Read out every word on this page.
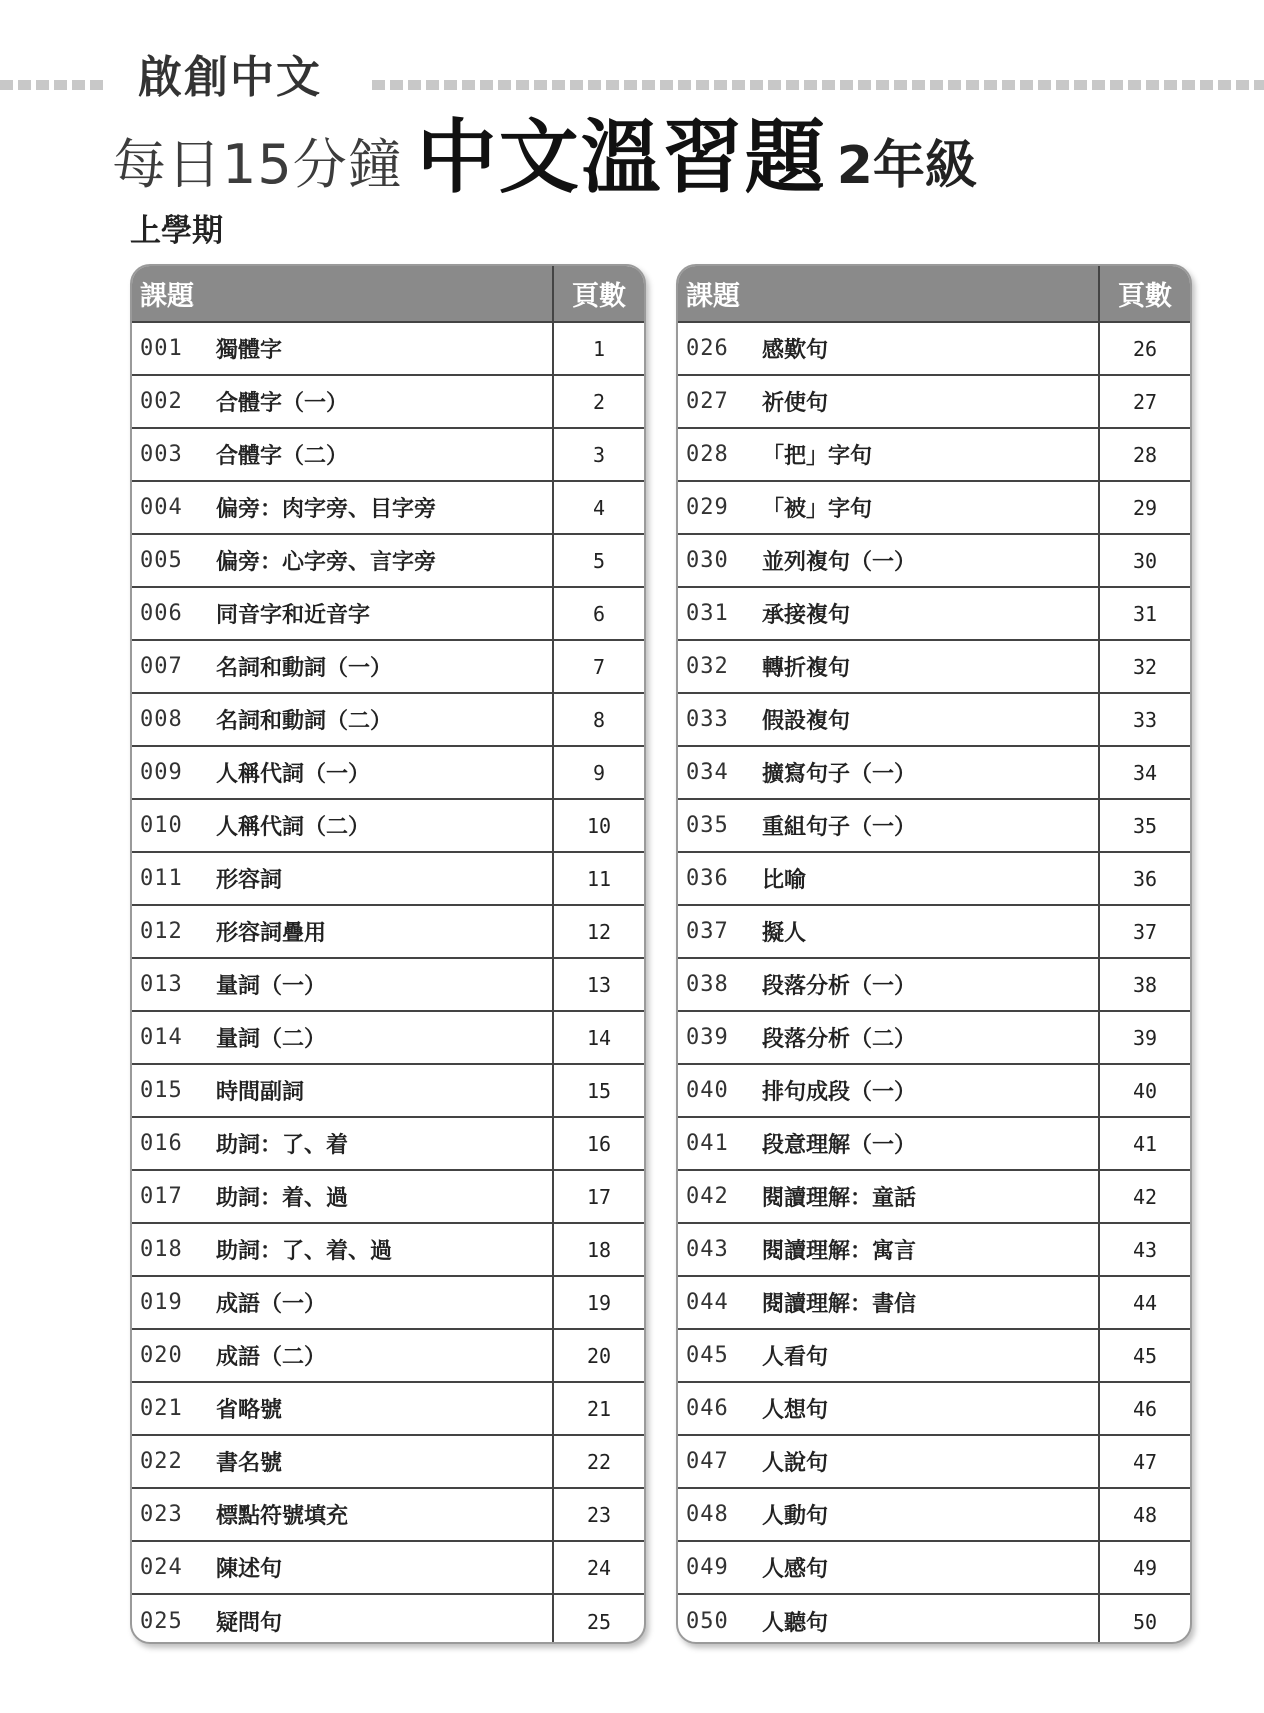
啟創中文
每日15分鐘 中文溫習題 2年級
上學期
課題	頁數
001	獨體字	1
002	合體字（一）	2
003	合體字（二）	3
004	偏旁：肉字旁、目字旁	4
005	偏旁：心字旁、言字旁	5
006	同音字和近音字	6
007	名詞和動詞（一）	7
008	名詞和動詞（二）	8
009	人稱代詞（一）	9
010	人稱代詞（二）	10
011	形容詞	11
012	形容詞疊用	12
013	量詞（一）	13
014	量詞（二）	14
015	時間副詞	15
016	助詞：了、着	16
017	助詞：着、過	17
018	助詞：了、着、過	18
019	成語（一）	19
020	成語（二）	20
021	省略號	21
022	書名號	22
023	標點符號填充	23
024	陳述句	24
025	疑問句	25
課題	頁數
026	感歎句	26
027	祈使句	27
028	「把」字句	28
029	「被」字句	29
030	並列複句（一）	30
031	承接複句	31
032	轉折複句	32
033	假設複句	33
034	擴寫句子（一）	34
035	重組句子（一）	35
036	比喻	36
037	擬人	37
038	段落分析（一）	38
039	段落分析（二）	39
040	排句成段（一）	40
041	段意理解（一）	41
042	閱讀理解：童話	42
043	閱讀理解：寓言	43
044	閱讀理解：書信	44
045	人看句	45
046	人想句	46
047	人說句	47
048	人動句	48
049	人感句	49
050	人聽句	50
